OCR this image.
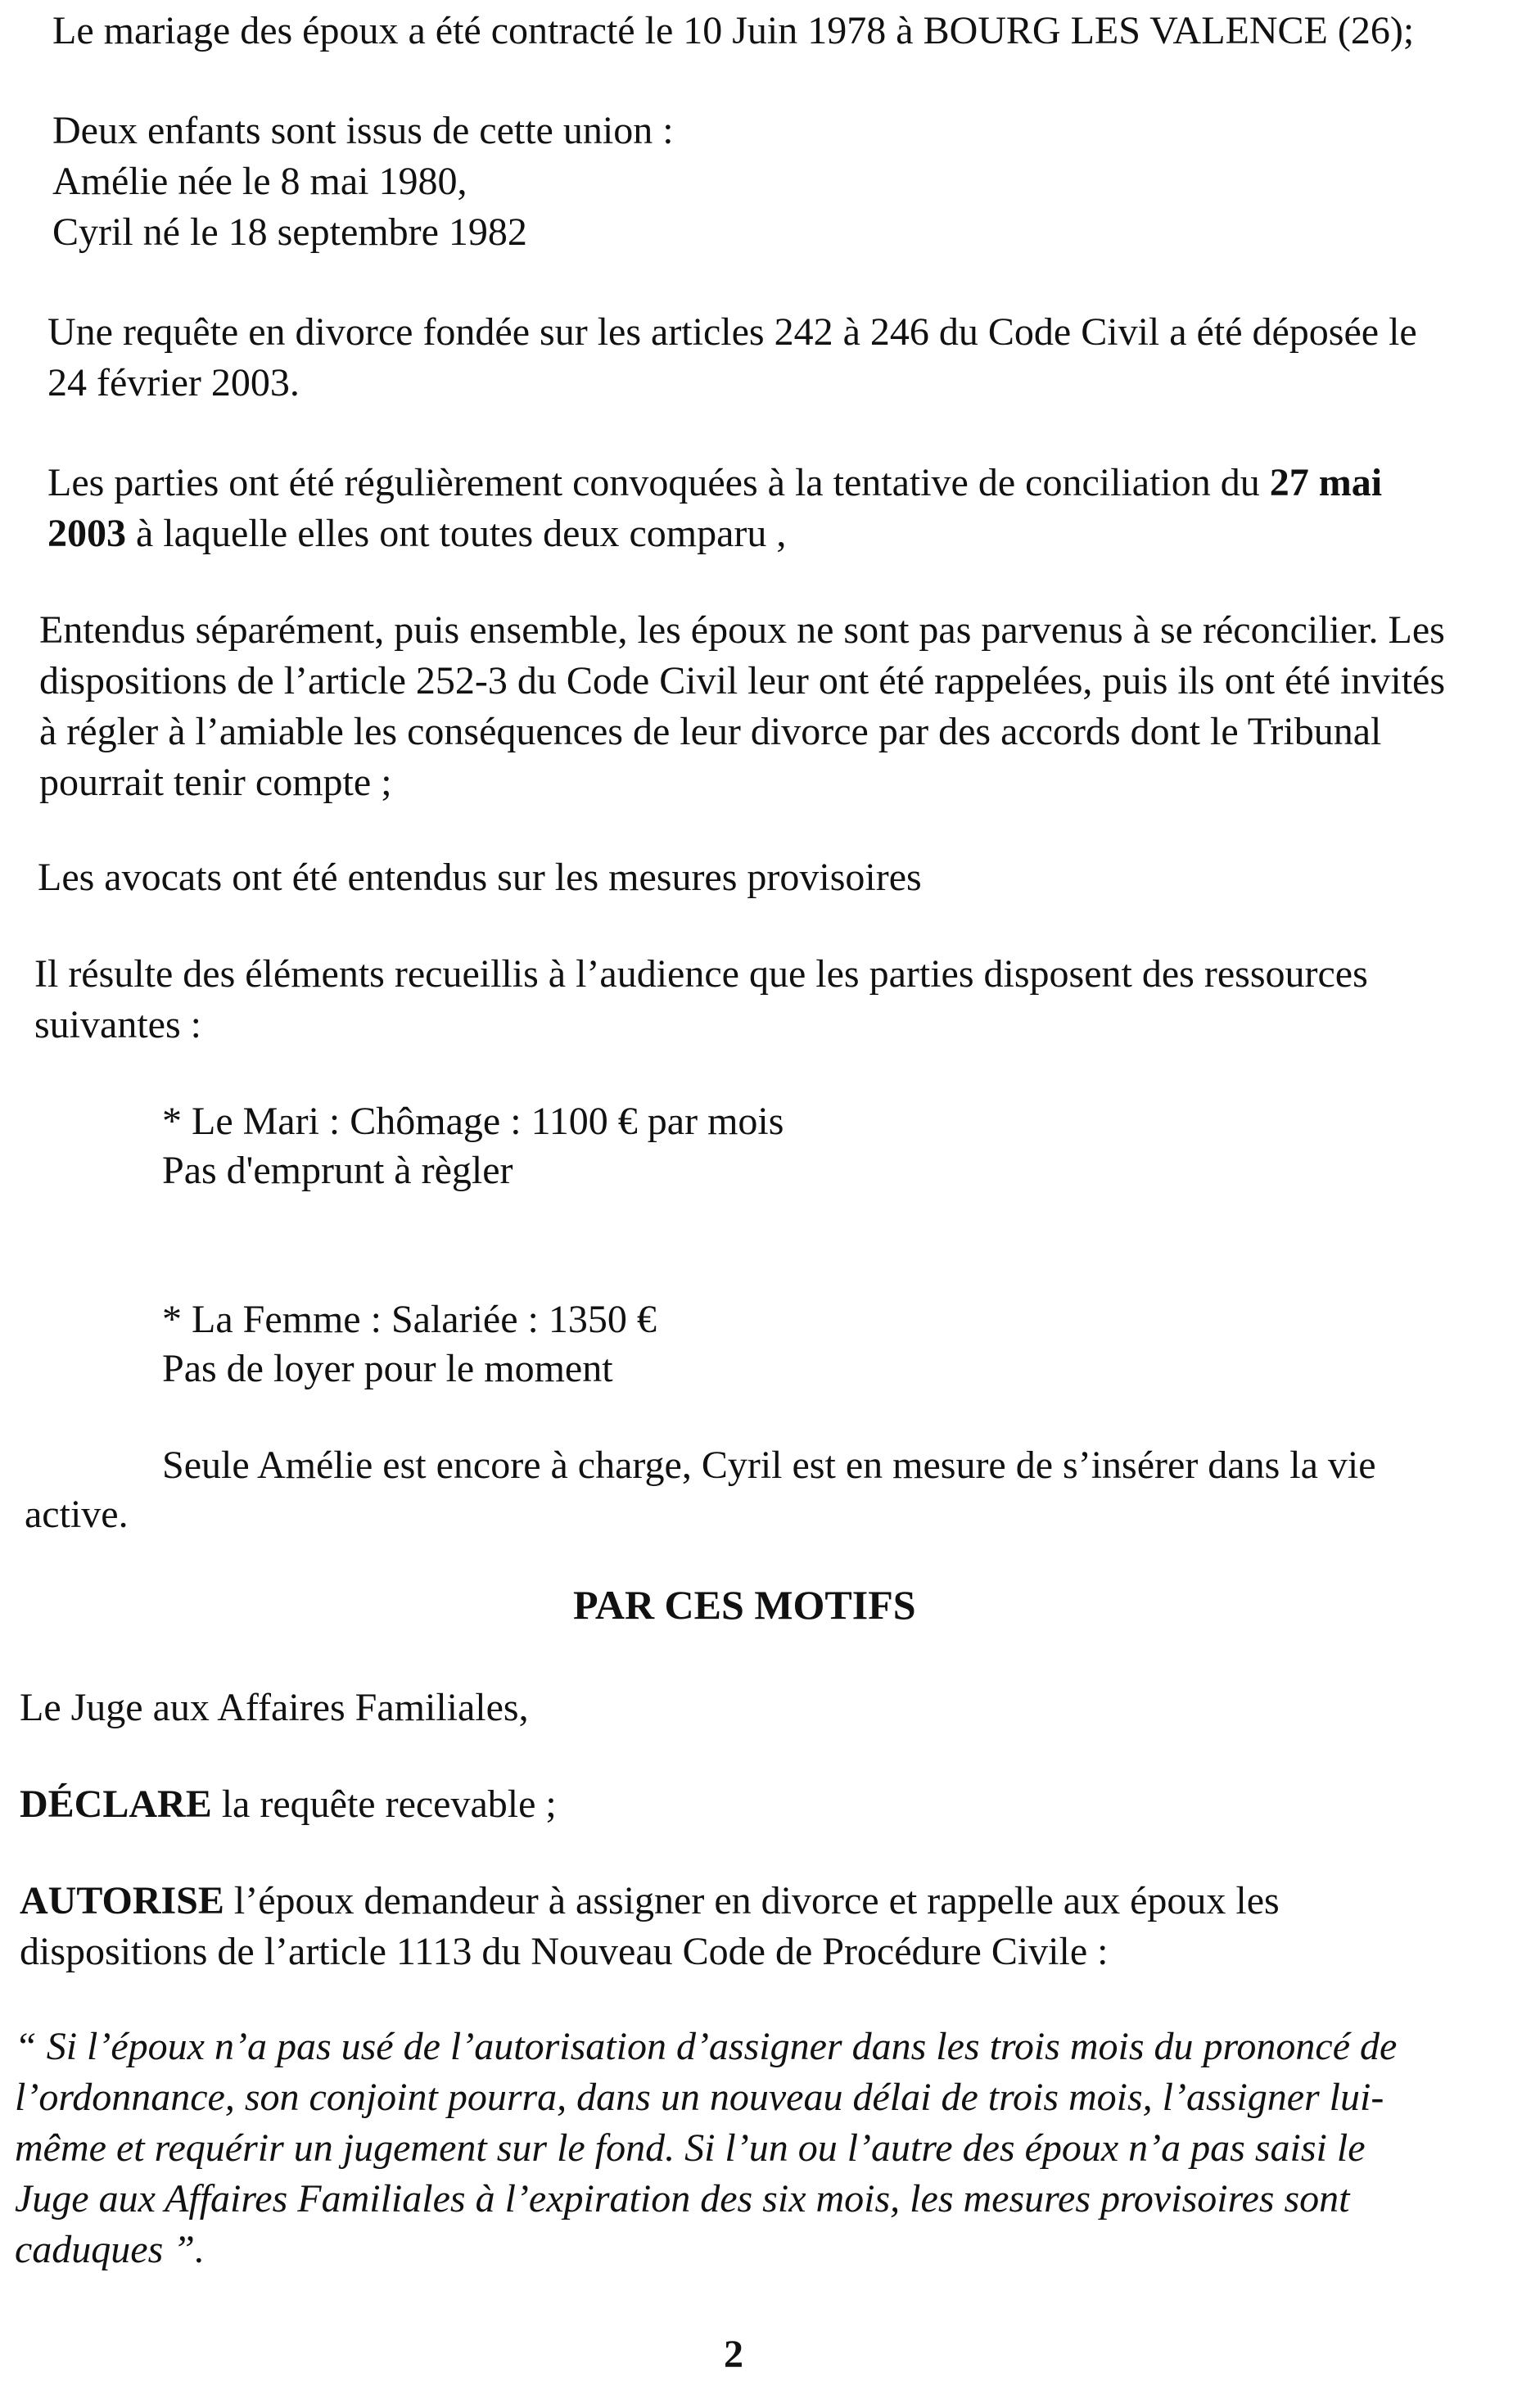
Le mariage des époux a été contracté le 10 Juin 1978 à BOURG LES VALENCE (26);
Deux enfants sont issus de cette union :
Amélie née le 8 mai 1980,
Cyril né le 18 septembre 1982
Une requête en divorce fondée sur les articles 242 à 246 du Code Civil a été déposée le
24 février 2003.
Les parties ont été régulièrement convoquées à la tentative de conciliation du 27 mai
2003 à laquelle elles ont toutes deux comparu ,
Entendus séparément, puis ensemble, les époux ne sont pas parvenus à se réconcilier. Les
dispositions de l’article 252-3 du Code Civil leur ont été rappelées, puis ils ont été invités
à régler à l’amiable les conséquences de leur divorce par des accords dont le Tribunal
pourrait tenir compte ;
Les avocats ont été entendus sur les mesures provisoires
Il résulte des éléments recueillis à l’audience que les parties disposent des ressources
suivantes :
* Le Mari : Chômage : 1100 € par mois
Pas d'emprunt à règler
* La Femme : Salariée : 1350 €
Pas de loyer pour le moment
Seule Amélie est encore à charge, Cyril est en mesure de s’insérer dans la vie
active.
PAR CES MOTIFS
Le Juge aux Affaires Familiales,
DÉCLARE la requête recevable ;
AUTORISE l’époux demandeur à assigner en divorce et rappelle aux époux les
dispositions de l’article 1113 du Nouveau Code de Procédure Civile :
“ Si l’époux n’a pas usé de l’autorisation d’assigner dans les trois mois du prononcé de
l’ordonnance, son conjoint pourra, dans un nouveau délai de trois mois, l’assigner lui-
même et requérir un jugement sur le fond. Si l’un ou l’autre des époux n’a pas saisi le
Juge aux Affaires Familiales à l’expiration des six mois, les mesures provisoires sont
caduques ”.
2
